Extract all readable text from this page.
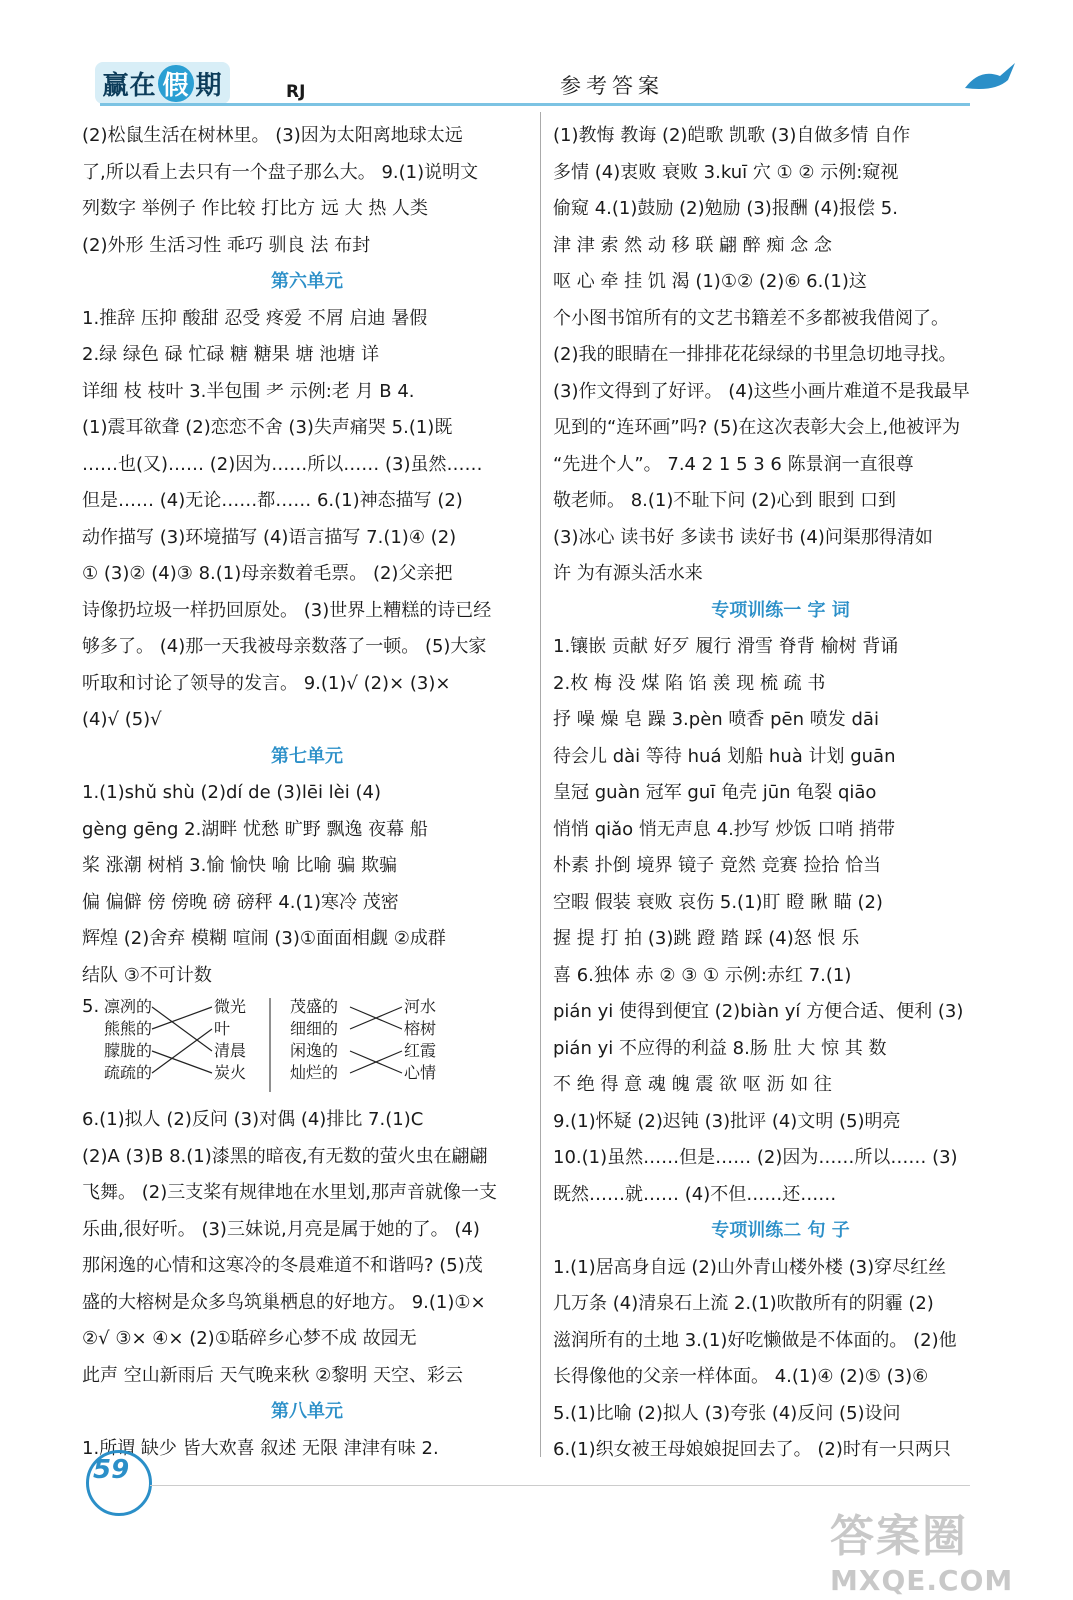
赢在 假 期	RJ	参考答案
(2)松鼠生活在树林里。 (3)因为太阳离地球太远
了,所以看上去只有一个盘子那么大。 9.(1)说明文
列数字 举例子 作比较 打比方 远 大 热 人类
(2)外形 生活习性 乖巧 驯良 法 布封
第六单元
1.推辞 压抑 酸甜 忍受 疼爱 不屑 启迪 暑假
2.绿 绿色 碌 忙碌 糖 糖果 塘 池塘 详
详细 枝 枝叶 3.半包围 ⺹ 示例:老 月 B 4.
(1)震耳欲聋 (2)恋恋不舍 (3)失声痛哭 5.(1)既
……也(又)…… (2)因为……所以…… (3)虽然……
但是…… (4)无论……都…… 6.(1)神态描写 (2)
动作描写 (3)环境描写 (4)语言描写 7.(1)④ (2)
① (3)② (4)③ 8.(1)母亲数着毛票。 (2)父亲把
诗像扔垃圾一样扔回原处。 (3)世界上糟糕的诗已经
够多了。 (4)那一天我被母亲数落了一顿。 (5)大家
听取和讨论了领导的发言。 9.(1)√ (2)× (3)×
(4)√ (5)√
第七单元
1.(1)shǔ shù (2)dí de (3)lēi lèi (4)
gèng gēng 2.湖畔 忧愁 旷野 飘逸 夜幕 船
桨 涨潮 树梢 3.愉 愉快 喻 比喻 骗 欺骗
偏 偏僻 傍 傍晚 磅 磅秤 4.(1)寒冷 茂密
辉煌 (2)舍弃 模糊 喧闹 (3)①面面相觑 ②成群
结队 ③不可计数
5. 凛冽的
熊熊的
朦胧的
疏疏的
微光
叶
清晨
炭火
茂盛的
细细的
闲逸的
灿烂的
河水
榕树
红霞
心情
6.(1)拟人 (2)反问 (3)对偶 (4)排比 7.(1)C
(2)A (3)B 8.(1)漆黑的暗夜,有无数的萤火虫在翩翩
飞舞。 (2)三支桨有规律地在水里划,那声音就像一支
乐曲,很好听。 (3)三妹说,月亮是属于她的了。 (4)
那闲逸的心情和这寒冷的冬晨难道不和谐吗? (5)茂
盛的大榕树是众多鸟筑巢栖息的好地方。 9.(1)①×
②√ ③× ④× (2)①聒碎乡心梦不成 故园无
此声 空山新雨后 天气晚来秋 ②黎明 天空、彩云
第八单元
1.所谓 缺少 皆大欢喜 叙述 无限 津津有味 2.
(1)教悔 教诲 (2)皑歌 凯歌 (3)自做多情 自作
多情 (4)衷败 衰败 3.kuī 穴 ① ② 示例:窥视
偷窥 4.(1)鼓励 (2)勉励 (3)报酬 (4)报偿 5.
津 津 索 然 动 移 联 翩 醉 痴 念 念
呕 心 牵 挂 饥 渴 (1)①② (2)⑥ 6.(1)这
个小图书馆所有的文艺书籍差不多都被我借阅了。
(2)我的眼睛在一排排花花绿绿的书里急切地寻找。
(3)作文得到了好评。 (4)这些小画片难道不是我最早
见到的“连环画”吗? (5)在这次表彰大会上,他被评为
“先进个人”。 7.4 2 1 5 3 6 陈景润一直很尊
敬老师。 8.(1)不耻下问 (2)心到 眼到 口到
(3)冰心 读书好 多读书 读好书 (4)问渠那得清如
许 为有源头活水来
专项训练一 字 词
1.镶嵌 贡献 好歹 履行 滑雪 脊背 榆树 背诵
2.枚 梅 没 煤 陷 馅 羡 现 梳 疏 书
抒 噪 燥 皂 躁 3.pèn 喷香 pēn 喷发 dāi
待会儿 dài 等待 huá 划船 huà 计划 guān
皇冠 guàn 冠军 guī 龟壳 jūn 龟裂 qiāo
悄悄 qiǎo 悄无声息 4.抄写 炒饭 口哨 捎带
朴素 扑倒 境界 镜子 竟然 竞赛 捡拾 恰当
空暇 假装 衰败 哀伤 5.(1)盯 瞪 瞅 瞄 (2)
握 提 打 拍 (3)跳 蹬 踏 踩 (4)怒 恨 乐
喜 6.独体 赤 ② ③ ① 示例:赤红 7.(1)
pián yi 使得到便宜 (2)biàn yí 方便合适、便利 (3)
pián yi 不应得的利益 8.肠 肚 大 惊 其 数
不 绝 得 意 魂 魄 震 欲 呕 沥 如 往
9.(1)怀疑 (2)迟钝 (3)批评 (4)文明 (5)明亮
10.(1)虽然……但是…… (2)因为……所以…… (3)
既然……就…… (4)不但……还……
专项训练二 句 子
1.(1)居高身自远 (2)山外青山楼外楼 (3)穿尽红丝
几万条 (4)清泉石上流 2.(1)吹散所有的阴霾 (2)
滋润所有的土地 3.(1)好吃懒做是不体面的。 (2)他
长得像他的父亲一样体面。 4.(1)④ (2)⑤ (3)⑥
5.(1)比喻 (2)拟人 (3)夸张 (4)反问 (5)设问
6.(1)织女被王母娘娘捉回去了。 (2)时有一只两只
59
答案圈
MXQE.COM
